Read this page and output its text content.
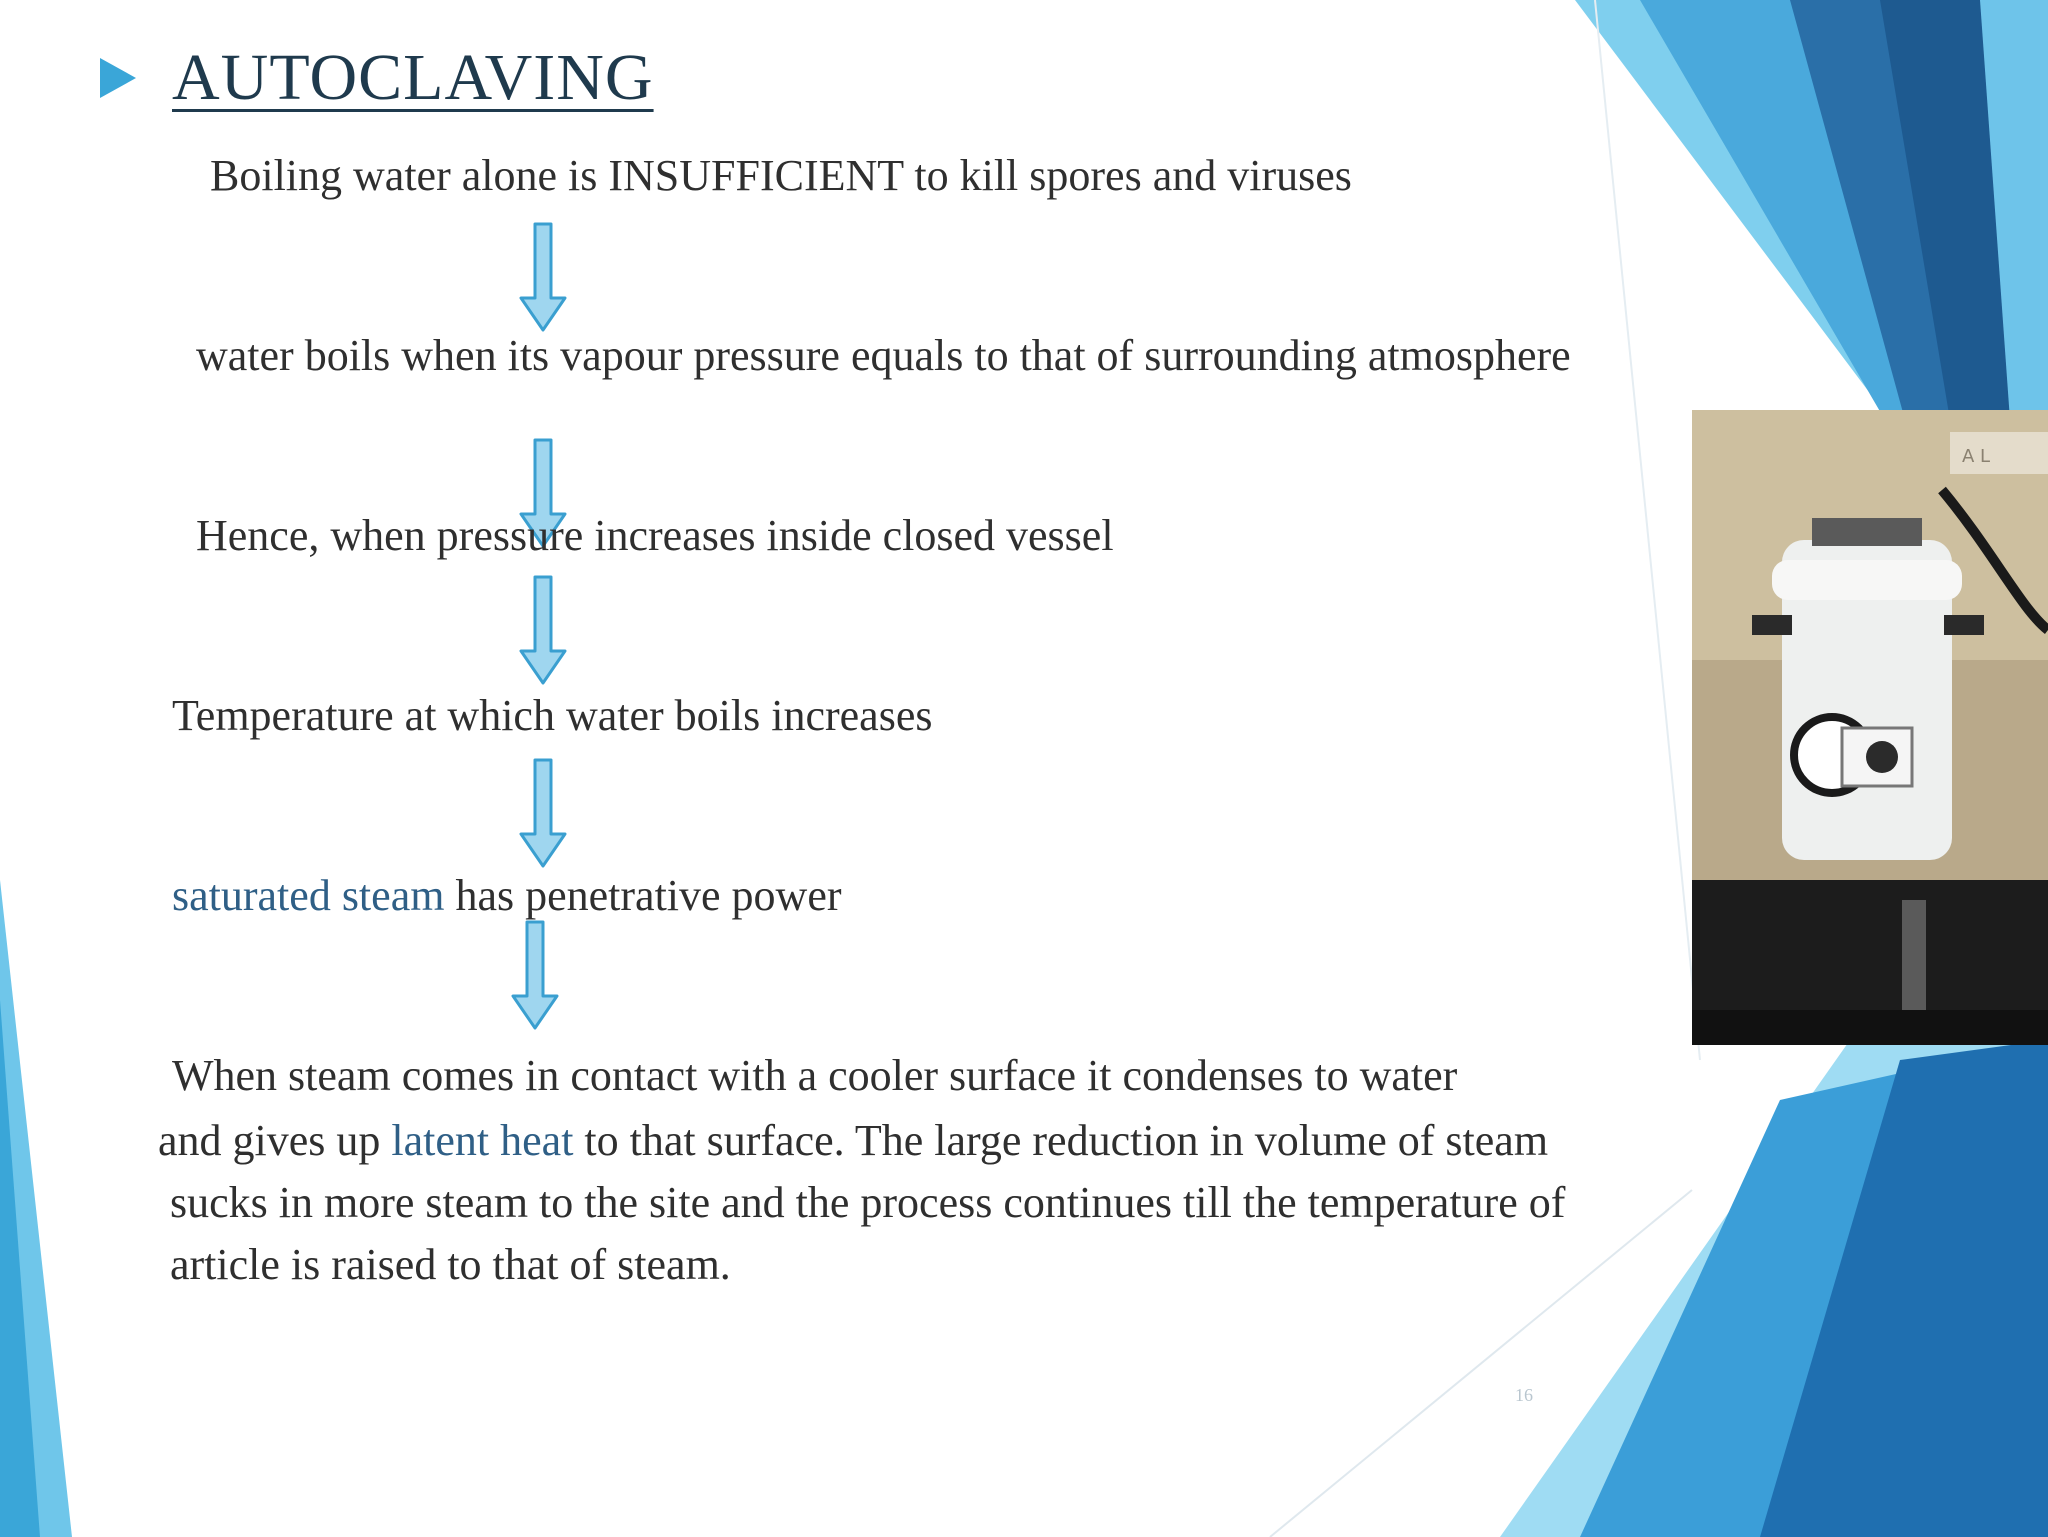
AUTOCLAVING
Boiling water alone is INSUFFICIENT to kill spores and viruses
water boils when its vapour pressure equals to that of surrounding atmosphere
Hence, when pressure increases inside closed vessel
Temperature at which water boils increases
saturated steam has penetrative power
When steam comes in contact with a cooler surface it condenses to water
and gives up latent heat to that surface. The large reduction in volume of steam
sucks in more steam to the site and the process continues till the temperature of
article is raised to that of steam.
A L
16
